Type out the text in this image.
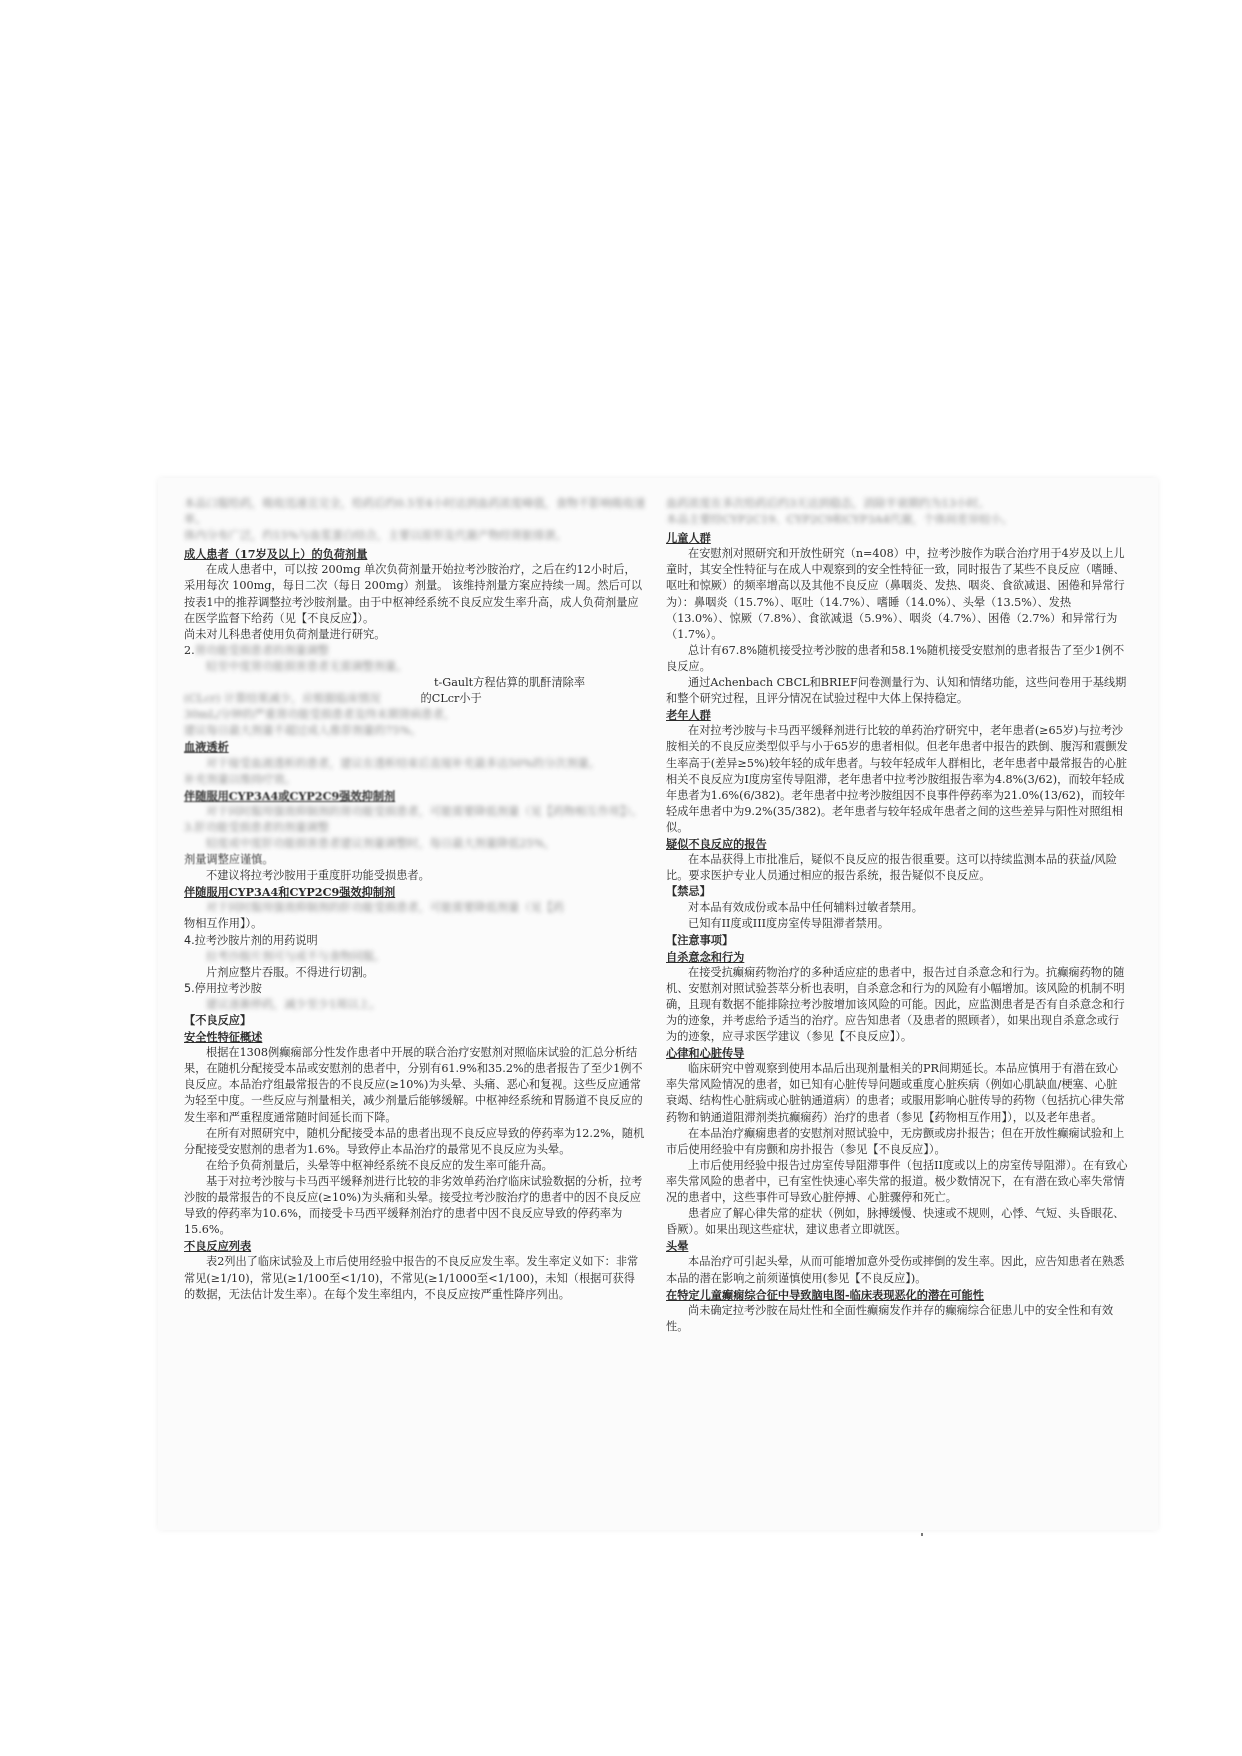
本品口服给药，吸收迅速且完全，给药后约0.5至4小时达到血药浓度峰值，食物不影响吸收速率。

体内分布广泛，约15%与血浆蛋白结合，主要以原形及代谢产物经肾脏排泄。

成人患者（17岁及以上）的负荷剂量

在成人患者中，可以按 200mg 单次负荷剂量开始拉考沙胺治疗，之后在约12小时后，采用每次 100mg，每日二次（每日 200mg）剂量。 该维持剂量方案应持续一周。然后可以按表1中的推荐调整拉考沙胺剂量。由于中枢神经系统不良反应发生率升高，成人负荷剂量应在医学监督下给药（见【不良反应】）。

尚未对儿科患者使用负荷剂量进行研究。

2.肾功能受损患者的剂量调整

轻至中度肾功能损害患者无需调整剂量。

t-Gault方程估算的肌酐清除率

(CLcr) 计算结果减少，应根据临床情况	的CLcr小于

30mL/分钟的严重肾功能受损患者及终末期肾病患者，

建议每日最大剂量不超过成人推荐剂量的75%。

血液透析

对于接受血液透析的患者，建议在透析结束后直接补充最多达50%的分次剂量。

补充剂量以维持疗效。

伴随服用CYP3A4或CYP2C9强效抑制剂

对于同时服用强效抑制剂的肾功能受损患者，可能需要降低剂量（见【药物相互作用】）。

3.肝功能受损患者的剂量调整

轻度或中度肝功能损害患者建议剂量调整时，每日最大剂量降低25%，

剂量调整应谨慎。

不建议将拉考沙胺用于重度肝功能受损患者。

伴随服用CYP3A4和CYP2C9强效抑制剂

对于同时服用强效抑制剂的肝功能受损患者，可能需要降低剂量（见【药

物相互作用】）。

4.拉考沙胺片剂的用药说明

拉考沙胺片剂可与或不与食物同服。

片剂应整片吞服。不得进行切割。

5.停用拉考沙胺

建议逐渐停药，减少至少1周以上。

【不良反应】

安全性特征概述

根据在1308例癫痫部分性发作患者中开展的联合治疗安慰剂对照临床试验的汇总分析结果，在随机分配接受本品或安慰剂的患者中，分别有61.9%和35.2%的患者报告了至少1例不良反应。本品治疗组最常报告的不良反应(≥10%)为头晕、头痛、恶心和复视。这些反应通常为轻至中度。一些反应与剂量相关，减少剂量后能够缓解。中枢神经系统和胃肠道不良反应的发生率和严重程度通常随时间延长而下降。

在所有对照研究中，随机分配接受本品的患者出现不良反应导致的停药率为12.2%，随机分配接受安慰剂的患者为1.6%。导致停止本品治疗的最常见不良反应为头晕。

在给予负荷剂量后，头晕等中枢神经系统不良反应的发生率可能升高。

基于对拉考沙胺与卡马西平缓释剂进行比较的非劣效单药治疗临床试验数据的分析，拉考沙胺的最常报告的不良反应(≥10%)为头痛和头晕。接受拉考沙胺治疗的患者中的因不良反应导致的停药率为10.6%，而接受卡马西平缓释剂治疗的患者中因不良反应导致的停药率为15.6%。

不良反应列表

表2列出了临床试验及上市后使用经验中报告的不良反应发生率。发生率定义如下：非常常见(≥1/10)，常见(≥1/100至<1/10)，不常见(≥1/1000至<1/100)，未知（根据可获得的数据，无法估计发生率）。在每个发生率组内，不良反应按严重性降序列出。

血药浓度在多次给药后约3天达到稳态，消除半衰期约为13小时。

本品主要经CYP2C19、CYP2C9和CYP3A4代谢，个体间差异较小。

儿童人群

在安慰剂对照研究和开放性研究（n=408）中，拉考沙胺作为联合治疗用于4岁及以上儿童时，其安全性特征与在成人中观察到的安全性特征一致，同时报告了某些不良反应（嗜睡、呕吐和惊厥）的频率增高以及其他不良反应（鼻咽炎、发热、咽炎、食欲减退、困倦和异常行为）：鼻咽炎（15.7%）、呕吐（14.7%）、嗜睡（14.0%）、头晕（13.5%）、发热（13.0%）、惊厥（7.8%）、食欲减退（5.9%）、咽炎（4.7%）、困倦（2.7%）和异常行为（1.7%）。

总计有67.8%随机接受拉考沙胺的患者和58.1%随机接受安慰剂的患者报告了至少1例不良反应。

通过Achenbach CBCL和BRIEF问卷测量行为、认知和情绪功能，这些问卷用于基线期和整个研究过程，且评分情况在试验过程中大体上保持稳定。

老年人群

在对拉考沙胺与卡马西平缓释剂进行比较的单药治疗研究中，老年患者(≥65岁)与拉考沙胺相关的不良反应类型似乎与小于65岁的患者相似。但老年患者中报告的跌倒、腹泻和震颤发生率高于(差异≥5%)较年轻的成年患者。与较年轻成年人群相比，老年患者中最常报告的心脏相关不良反应为Ⅰ度房室传导阻滞，老年患者中拉考沙胺组报告率为4.8%(3/62)，而较年轻成年患者为1.6%(6/382)。老年患者中拉考沙胺组因不良事件停药率为21.0%(13/62)，而较年轻成年患者中为9.2%(35/382)。老年患者与较年轻成年患者之间的这些差异与阳性对照组相似。

疑似不良反应的报告

在本品获得上市批准后，疑似不良反应的报告很重要。这可以持续监测本品的获益/风险比。要求医护专业人员通过相应的报告系统，报告疑似不良反应。

【禁忌】

对本品有效成份或本品中任何辅料过敏者禁用。

已知有II度或III度房室传导阻滞者禁用。

【注意事项】

自杀意念和行为

在接受抗癫痫药物治疗的多种适应症的患者中，报告过自杀意念和行为。抗癫痫药物的随机、安慰剂对照试验荟萃分析也表明，自杀意念和行为的风险有小幅增加。该风险的机制不明确，且现有数据不能排除拉考沙胺增加该风险的可能。因此，应监测患者是否有自杀意念和行为的迹象，并考虑给予适当的治疗。应告知患者（及患者的照顾者），如果出现自杀意念或行为的迹象，应寻求医学建议（参见【不良反应】）。

心律和心脏传导

临床研究中曾观察到使用本品后出现剂量相关的PR间期延长。本品应慎用于有潜在致心率失常风险情况的患者，如已知有心脏传导问题或重度心脏疾病（例如心肌缺血/梗塞、心脏衰竭、结构性心脏病或心脏钠通道病）的患者；或服用影响心脏传导的药物（包括抗心律失常药物和钠通道阻滞剂类抗癫痫药）治疗的患者（参见【药物相互作用】），以及老年患者。

在本品治疗癫痫患者的安慰剂对照试验中，无房颤或房扑报告；但在开放性癫痫试验和上市后使用经验中有房颤和房扑报告（参见【不良反应】）。

上市后使用经验中报告过房室传导阻滞事件（包括II度或以上的房室传导阻滞）。在有致心率失常风险的患者中，已有室性快速心率失常的报道。极少数情况下，在有潜在致心率失常情况的患者中，这些事件可导致心脏停搏、心脏骤停和死亡。

患者应了解心律失常的症状（例如，脉搏缓慢、快速或不规则，心悸、气短、头昏眼花、昏厥）。如果出现这些症状，建议患者立即就医。

头晕

本品治疗可引起头晕，从而可能增加意外受伤或摔倒的发生率。因此，应告知患者在熟悉本品的潜在影响之前须谨慎使用(参见【不良反应】)。

在特定儿童癫痫综合征中导致脑电图-临床表现恶化的潜在可能性

尚未确定拉考沙胺在局灶性和全面性癫痫发作并存的癫痫综合征患儿中的安全性和有效性。
